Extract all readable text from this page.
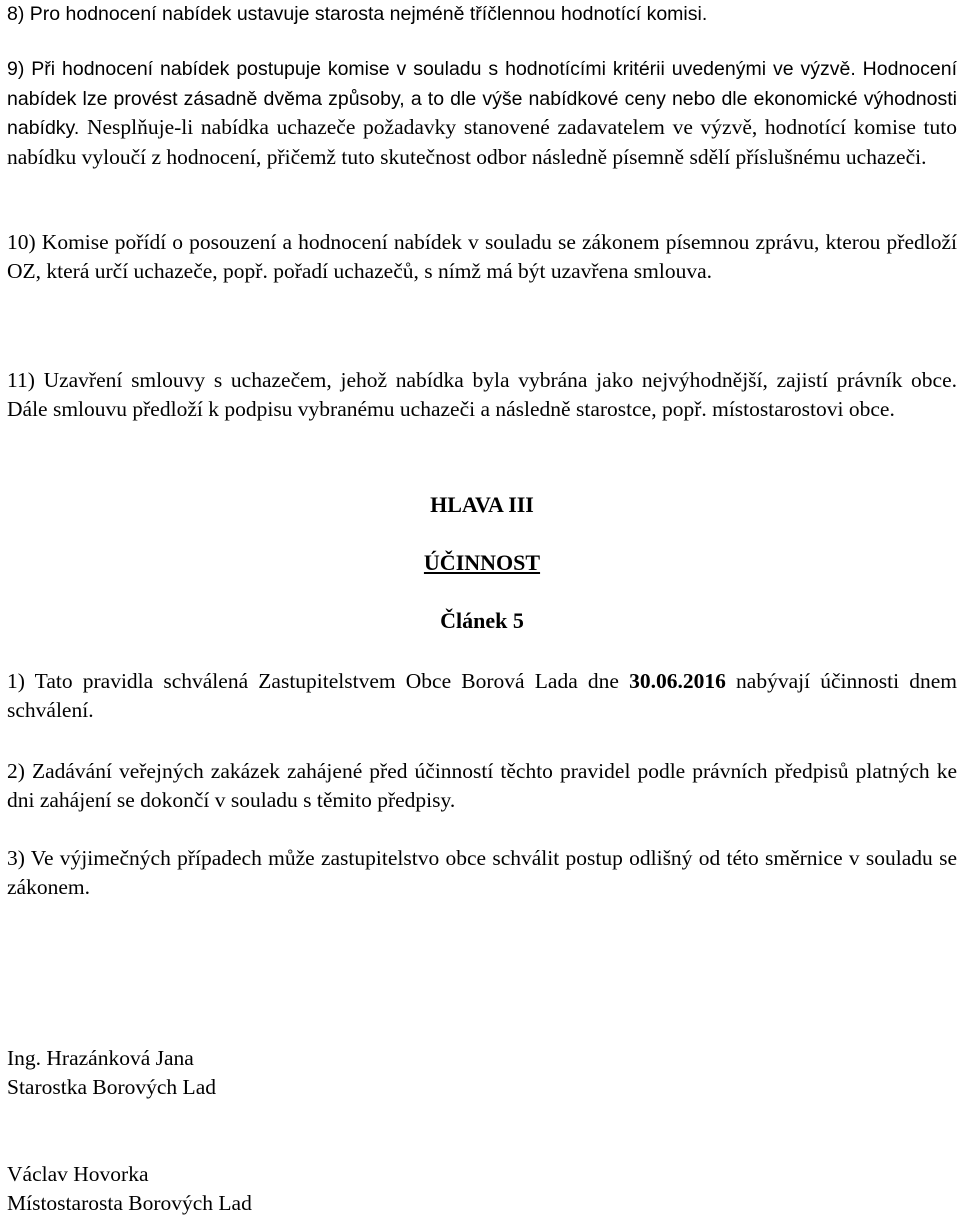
8) Pro hodnocení nabídek ustavuje starosta nejméně tříčlennou hodnotící komisi.

9) Při hodnocení nabídek postupuje komise v souladu s hodnotícími kritérii uvedenými ve výzvě. Hodnocení nabídek lze provést zásadně dvěma způsoby, a to dle výše nabídkové ceny nebo dle ekonomické výhodnosti nabídky. Nesplňuje-li nabídka uchazeče požadavky stanovené zadavatelem ve výzvě, hodnotící komise tuto nabídku vyloučí z hodnocení, přičemž tuto skutečnost odbor následně písemně sdělí příslušnému uchazeči.

10) Komise pořídí o posouzení a hodnocení nabídek v souladu se zákonem písemnou zprávu, kterou předloží OZ, která určí uchazeče, popř. pořadí uchazečů, s nímž má být uzavřena smlouva.

11) Uzavření smlouvy s uchazečem, jehož nabídka byla vybrána jako nejvýhodnější, zajistí právník obce. Dále smlouvu předloží k podpisu vybranému uchazeči a následně starostce, popř. místostarostovi obce.

HLAVA III

ÚČINNOST

Článek 5

1) Tato pravidla schválená Zastupitelstvem Obce Borová Lada dne 30.06.2016 nabývají účinnosti dnem schválení.

2) Zadávání veřejných zakázek zahájené před účinností těchto pravidel podle právních předpisů platných ke dni zahájení se dokončí v souladu s těmito předpisy.

3) Ve výjimečných případech může zastupitelstvo obce schválit postup odlišný od této směrnice v souladu se zákonem.

Ing. Hrazánková Jana

Starostka Borových Lad

Václav Hovorka

Místostarosta Borových Lad
